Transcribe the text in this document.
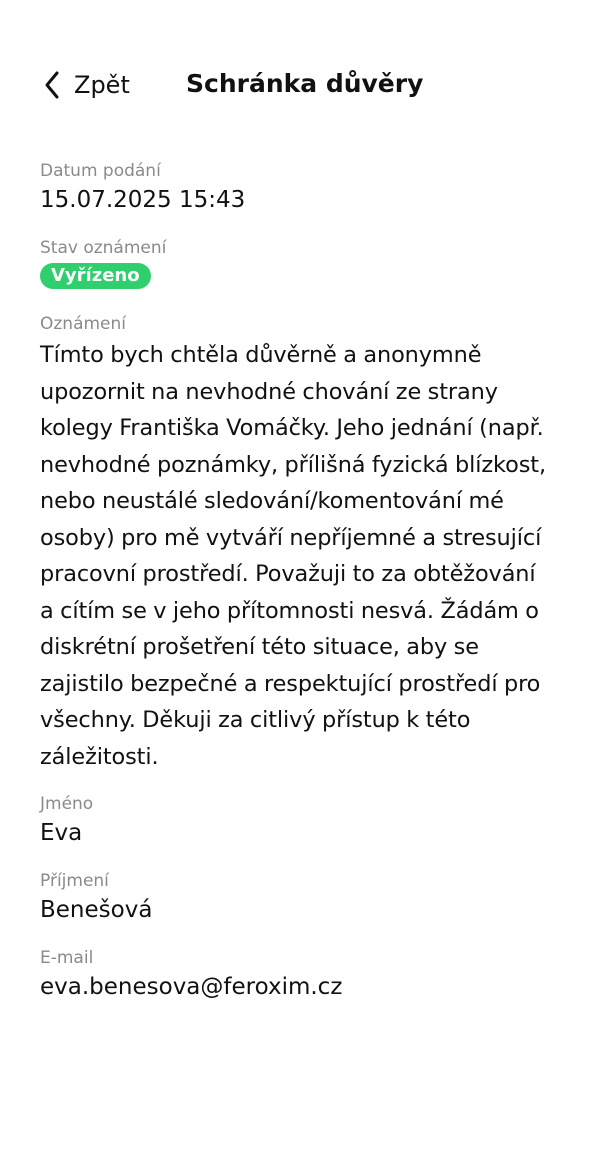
Zpět Schránka důvěry

Datum podání

15.07.2025 15:43

Stav oznámení

Vyřízeno

Oznámení

Tímto bych chtěla důvěrně a anonymně upozornit na nevhodné chování ze strany kolegy Františka Vomáčky. Jeho jednání (např. nevhodné poznámky, přílišná fyzická blízkost, nebo neustálé sledování/komentování mé osoby) pro mě vytváří nepříjemné a stresující pracovní prostředí. Považuji to za obtěžování a cítím se v jeho přítomnosti nesvá. Žádám o diskrétní prošetření této situace, aby se zajistilo bezpečné a respektující prostředí pro všechny. Děkuji za citlivý přístup k této záležitosti.

Jméno

Eva

Příjmení

Benešová

E-mail

eva.benesova@feroxim.cz
